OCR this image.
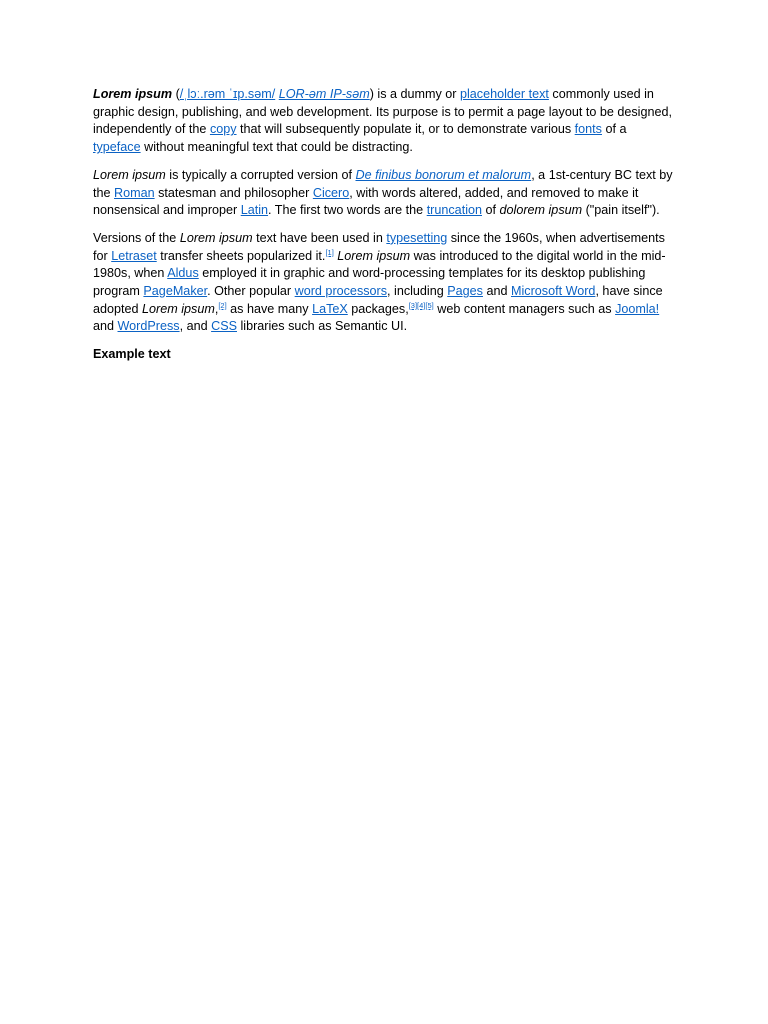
Lorem ipsum (/ˌlɔː.rəm ˈɪp.səm/ LOR-əm IP-səm) is a dummy or placeholder text commonly used in graphic design, publishing, and web development. Its purpose is to permit a page layout to be designed, independently of the copy that will subsequently populate it, or to demonstrate various fonts of a typeface without meaningful text that could be distracting.

Lorem ipsum is typically a corrupted version of De finibus bonorum et malorum, a 1st-century BC text by the Roman statesman and philosopher Cicero, with words altered, added, and removed to make it nonsensical and improper Latin. The first two words are the truncation of dolorem ipsum ("pain itself").

Versions of the Lorem ipsum text have been used in typesetting since the 1960s, when advertisements for Letraset transfer sheets popularized it.[1] Lorem ipsum was introduced to the digital world in the mid-1980s, when Aldus employed it in graphic and word-processing templates for its desktop publishing program PageMaker. Other popular word processors, including Pages and Microsoft Word, have since adopted Lorem ipsum,[2] as have many LaTeX packages,[3][4][5] web content managers such as Joomla! and WordPress, and CSS libraries such as Semantic UI.

Example text
